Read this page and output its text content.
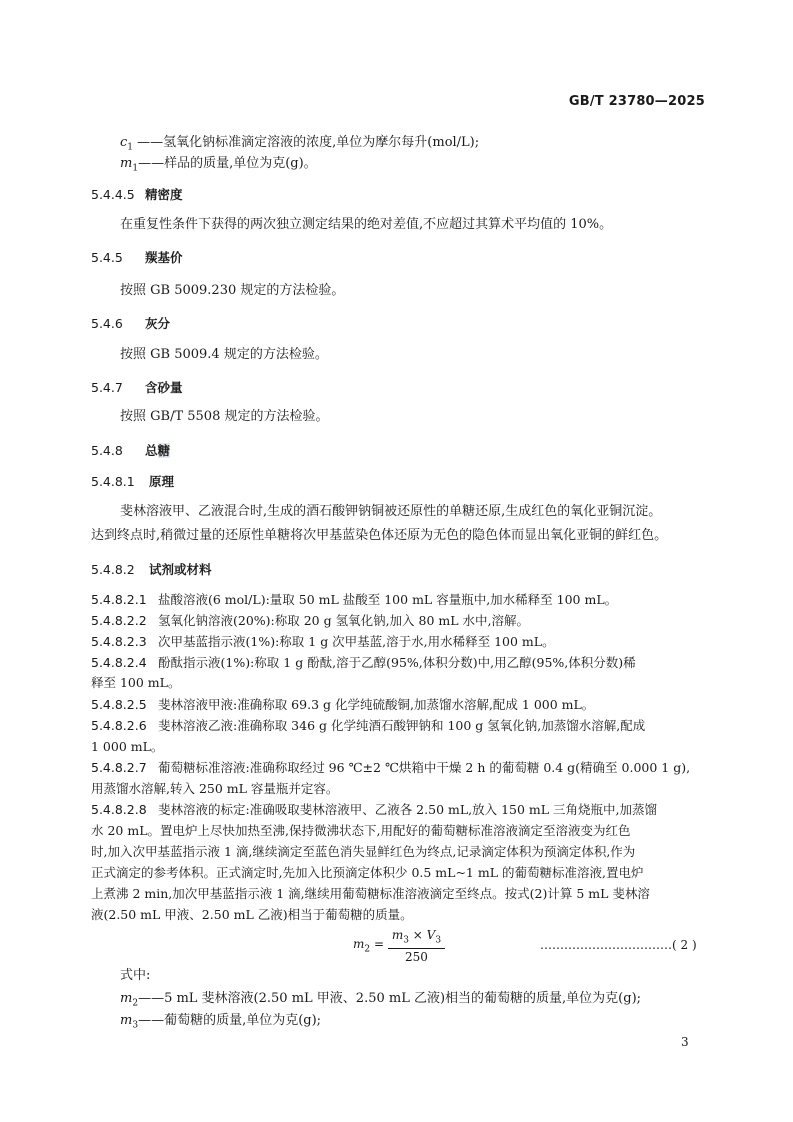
GB/T 23780—2025
$c_1$ ——氢氧化钠标准滴定溶液的浓度,单位为摩尔每升(mol/L);
$m_1——$样品的质量,单位为克(g)。
5.4.4.5 精密度
在重复性条件下获得的两次独立测定结果的绝对差值,不应超过其算术平均值的 10%。
5.4.5 羰基价
按照 GB 5009.230 规定的方法检验。
5.4.6 灰分
按照 GB 5009.4 规定的方法检验。
5.4.7 含砂量
按照 GB/T 5508 规定的方法检验。
5.4.8 总糖
5.4.8.1 原理
斐林溶液甲、乙液混合时,生成的酒石酸钾钠铜被还原性的单糖还原,生成红色的氧化亚铜沉淀。
达到终点时,稍微过量的还原性单糖将次甲基蓝染色体还原为无色的隐色体而显出氧化亚铜的鲜红色。
5.4.8.2 试剂或材料
5.4.8.2.1 盐酸溶液(6 mol/L):量取 50 mL 盐酸至 100 mL 容量瓶中,加水稀释至 100 mL。
5.4.8.2.2 氢氧化钠溶液(20%):称取 20 g 氢氧化钠,加入 80 mL 水中,溶解。
5.4.8.2.3 次甲基蓝指示液(1%):称取 1 g 次甲基蓝,溶于水,用水稀释至 100 mL。
5.4.8.2.4 酚酞指示液(1%):称取 1 g 酚酞,溶于乙醇(95%,体积分数)中,用乙醇(95%,体积分数)稀
释至 100 mL。
5.4.8.2.5 斐林溶液甲液:准确称取 69.3 g 化学纯硫酸铜,加蒸馏水溶解,配成 1 000 mL。
5.4.8.2.6 斐林溶液乙液:准确称取 346 g 化学纯酒石酸钾钠和 100 g 氢氧化钠,加蒸馏水溶解,配成
1 000 mL。
5.4.8.2.7 葡萄糖标准溶液:准确称取经过 96 ℃±2 ℃烘箱中干燥 2 h 的葡萄糖 0.4 g(精确至 0.000 1 g),
用蒸馏水溶解,转入 250 mL 容量瓶并定容。
5.4.8.2.8 斐林溶液的标定:准确吸取斐林溶液甲、乙液各 2.50 mL,放入 150 mL 三角烧瓶中,加蒸馏
水 20 mL。置电炉上尽快加热至沸,保持微沸状态下,用配好的葡萄糖标准溶液滴定至溶液变为红色
时,加入次甲基蓝指示液 1 滴,继续滴定至蓝色消失显鲜红色为终点,记录滴定体积为预滴定体积,作为
正式滴定的参考体积。正式滴定时,先加入比预滴定体积少 0.5 mL~1 mL 的葡萄糖标准溶液,置电炉
上煮沸 2 min,加次甲基蓝指示液 1 滴,继续用葡萄糖标准溶液滴定至终点。按式(2)计算 5 mL 斐林溶
液(2.50 mL 甲液、2.50 mL 乙液)相当于葡萄糖的质量。
$m_2 = \frac{m_3 \times V_3}{250}$	……………………………( 2 )
式中:
$m_2——5$ mL 斐林溶液(2.50 mL 甲液、2.50 mL 乙液)相当的葡萄糖的质量,单位为克(g);
$m_3——$葡萄糖的质量,单位为克(g);
3
